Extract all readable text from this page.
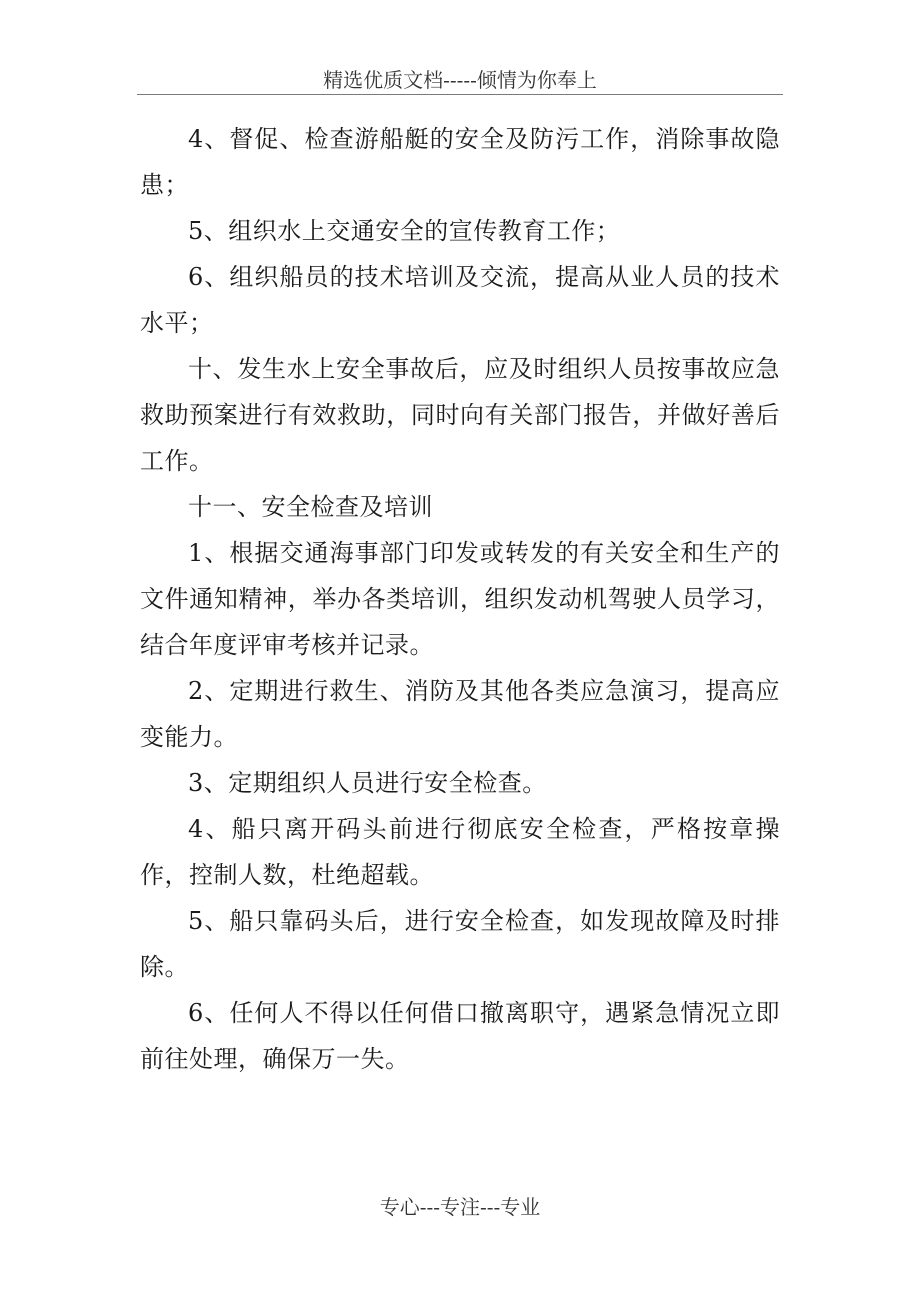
精选优质文档-----倾情为你奉上

4、督促、检查游船艇的安全及防污工作，消除事故隐患；

5、组织水上交通安全的宣传教育工作；

6、组织船员的技术培训及交流，提高从业人员的技术水平；

十、发生水上安全事故后，应及时组织人员按事故应急救助预案进行有效救助，同时向有关部门报告，并做好善后工作。

十一、安全检查及培训

1、根据交通海事部门印发或转发的有关安全和生产的文件通知精神，举办各类培训，组织发动机驾驶人员学习，结合年度评审考核并记录。

2、定期进行救生、消防及其他各类应急演习，提高应变能力。

3、定期组织人员进行安全检查。

4、船只离开码头前进行彻底安全检查，严格按章操作，控制人数，杜绝超载。

5、船只靠码头后，进行安全检查，如发现故障及时排除。

6、任何人不得以任何借口撤离职守，遇紧急情况立即前往处理，确保万一失。

专心---专注---专业
